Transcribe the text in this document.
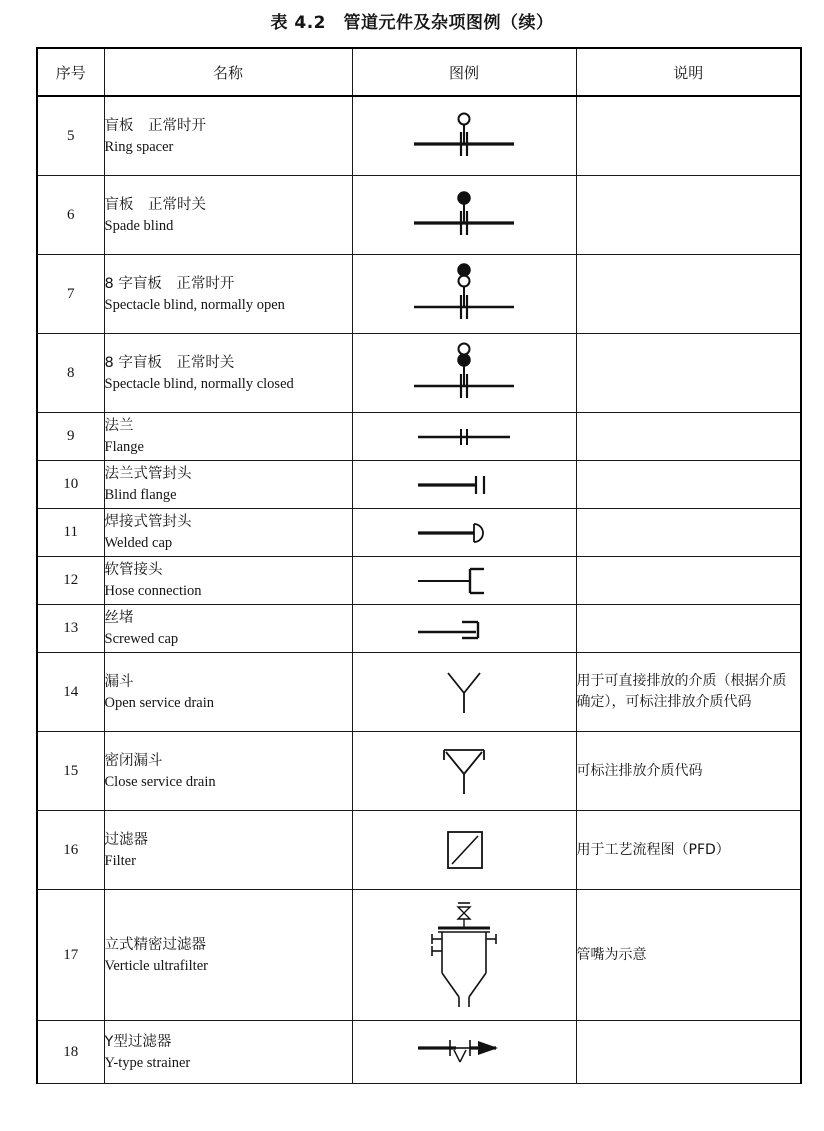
表 4.2　管道元件及杂项图例（续）
序号	名称	图例	说明
5	盲板　正常时开
Ring spacer

6	盲板　正常时关
Spade blind

7	8 字盲板　正常时开
Spectacle blind, normally open

8	8 字盲板　正常时关
Spectacle blind, normally closed

9	法兰
Flange

10	法兰式管封头
Blind flange

11	焊接式管封头
Welded cap

12	软管接头
Hose connection

13	丝堵
Screwed cap

14	漏斗
Open service drain		用于可直接排放的介质（根据介质确定），可标注排放介质代码
15	密闭漏斗
Close service drain		可标注排放介质代码
16	过滤器
Filter		用于工艺流程图（PFD）
17	立式精密过滤器
Verticle ultrafilter		管嘴为示意
18	Y型过滤器
Y-type strainer
